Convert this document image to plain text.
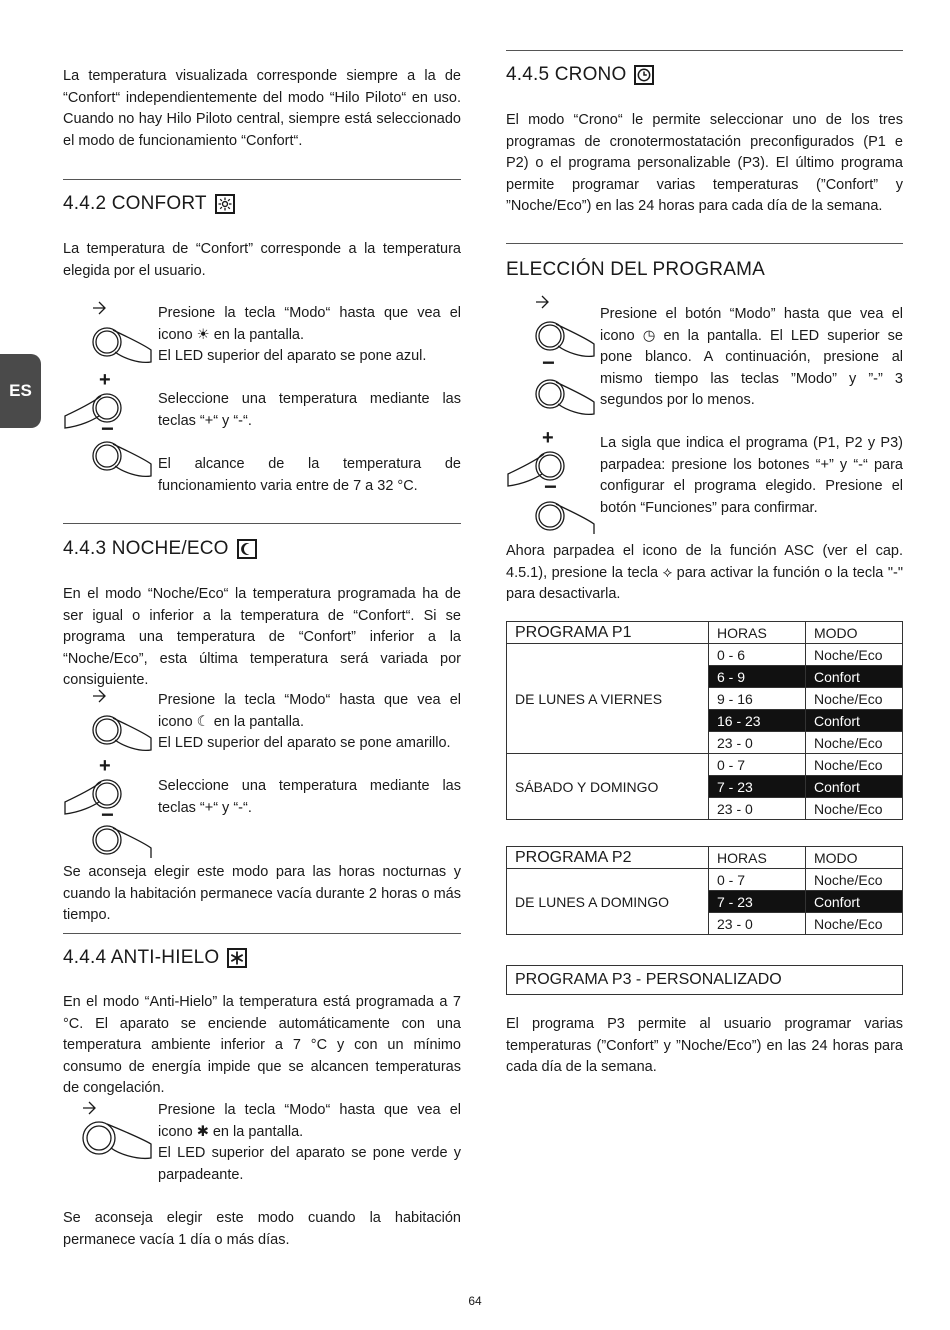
ES

La temperatura visualizada corresponde siempre a la de “Confort“ independientemente del modo “Hilo Piloto“ en uso. Cuando no hay Hilo Piloto central, siempre está seleccionado el modo de funcionamiento “Confort“.

4.4.2 CONFORT

La temperatura de “Confort” corresponde a la temperatura elegida por el usuario.

+
−

Presione la tecla “Modo“ hasta que vea el icono ☀ en la pantalla.

El LED superior del aparato se pone azul.

Seleccione una temperatura mediante las teclas “+“ y “-“.

El alcance de la temperatura de funcionamiento varia entre de 7 a 32 °C.

4.4.3 NOCHE/ECO

En el modo “Noche/Eco“ la temperatura programada ha de ser igual o inferior a la temperatura de “Confort“. Si se programa una temperatura de “Confort” inferior a la “Noche/Eco”, esta última temperatura será variada por consiguiente.

+
−

Presione la tecla “Modo“ hasta que vea el icono ☾ en la pantalla.

El LED superior del aparato se pone amarillo.

Seleccione una temperatura mediante las teclas “+“ y “-“.

Se aconseja elegir este modo para las horas nocturnas y cuando la habitación permanece vacía durante 2 horas o más tiempo.

4.4.4 ANTI-HIELO

En el modo “Anti-Hielo” la temperatura está programada a 7 °C. El aparato se enciende automáticamente con una temperatura ambiente inferior a 7 °C y con un mínimo consumo de energía impide que se alcancen temperaturas de congelación.

Presione la tecla “Modo“ hasta que vea el icono ✱ en la pantalla.

El LED superior del aparato se pone verde y parpadeante.

Se aconseja elegir este modo cuando la habitación permanece vacía 1 día o más días.

4.4.5 CRONO

El modo “Crono“ le permite seleccionar uno de los tres programas de cronotermostatación preconfigurados (P1 e P2) o el programa personalizable (P3). El último programa permite programar varias temperaturas (”Confort” y ”Noche/Eco”) en las 24 horas para cada día de la semana.

ELECCIÓN DEL PROGRAMA
−
+
−

Presione el botón “Modo” hasta que vea el icono ◷ en la pantalla. El LED superior se pone blanco. A continuación, presione al mismo tiempo las teclas ”Modo” y ”-” 3 segundos por lo menos.

La sigla que indica el programa (P1, P2 y P3) parpadea: presione los botones “+” y “-“ para configurar el programa elegido. Presione el botón “Funciones” para confirmar.

Ahora parpadea el icono de la función ASC (ver el cap. 4.5.1), presione la tecla ⟡ para activar la función o la tecla "-" para desactivarla.

PROGRAMA P1	HORAS	MODO
DE LUNES A VIERNES	0 - 6	Noche/Eco
	6 - 9	Confort
	9 - 16	Noche/Eco
	16 - 23	Confort
	23 - 0	Noche/Eco
SÁBADO Y DOMINGO	0 - 7	Noche/Eco
	7 - 23	Confort
	23 - 0	Noche/Eco
PROGRAMA P2	HORAS	MODO
DE LUNES A DOMINGO	0 - 7	Noche/Eco
	7 - 23	Confort
	23 - 0	Noche/Eco
PROGRAMA P3 - PERSONALIZADO

El programa P3 permite al usuario programar varias temperaturas (”Confort” y ”Noche/Eco”) en las 24 horas para cada día de la semana.

64
